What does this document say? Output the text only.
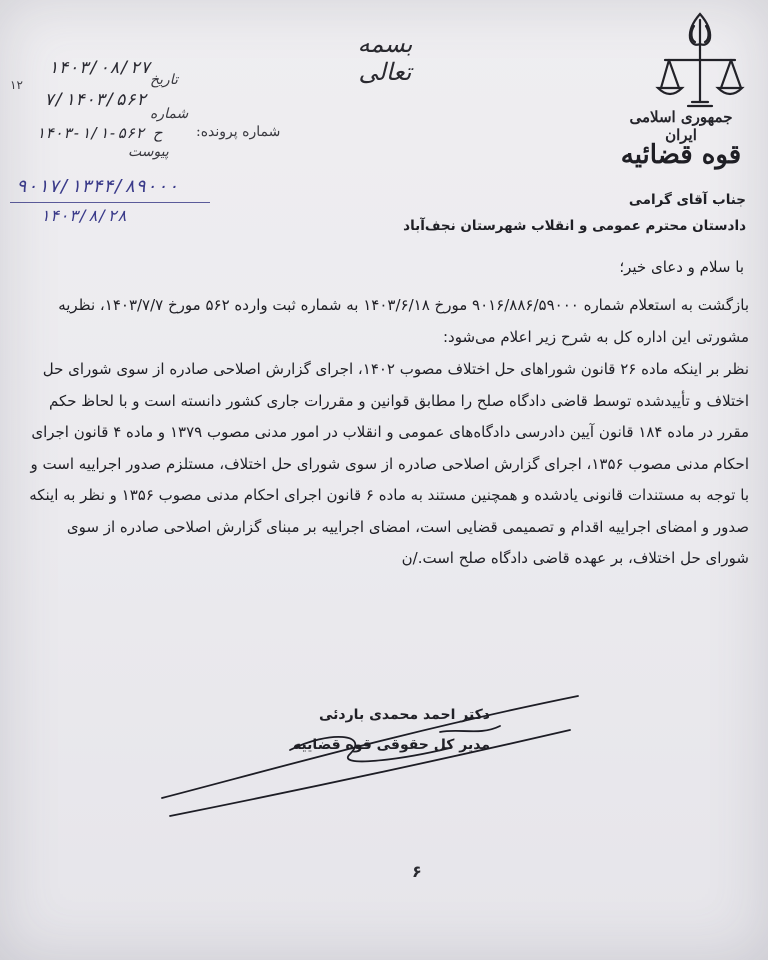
بسمه تعالی
جمهوری اسلامی ایران
قوه قضائیه
۱۴۰۳/۰۸/۲۷
تاریخ
۱۲
۷/۱۴۰۳/۵۶۲
شماره
۱۴۰۳-۱/۱-۵۶۲ ح شماره پرونده:
پیوست
۹۰۱۷/۱۳۴۴/۸۹۰۰۰
۱۴۰۳/۸/۲۸
جناب آقای گرامی
دادستان محترم عمومی و انقلاب شهرستان نجف‌آباد
با سلام و دعای خیر؛
بازگشت به استعلام شماره ۹۰۱۶/۸۸۶/۵۹۰۰۰ مورخ ۱۴۰۳/۶/۱۸ به شماره ثبت وارده ۵۶۲ مورخ ۱۴۰۳/۷/۷، نظریه مشورتی این اداره کل به شرح زیر اعلام می‌شود:
نظر بر اینکه ماده ۲۶ قانون شوراهای حل اختلاف مصوب ۱۴۰۲، اجرای گزارش اصلاحی صادره از سوی شورای حل اختلاف و تأییدشده توسط قاضی دادگاه صلح را مطابق قوانین و مقررات جاری کشور دانسته است و با لحاظ حکم مقرر در ماده ۱۸۴ قانون آیین دادرسی دادگاه‌های عمومی و انقلاب در امور مدنی مصوب ۱۳۷۹ و ماده ۴ قانون اجرای احکام مدنی مصوب ۱۳۵۶، اجرای گزارش اصلاحی صادره از سوی شورای حل اختلاف، مستلزم صدور اجراییه است و با توجه به مستندات قانونی یادشده و همچنین مستند به ماده ۶ قانون اجرای احکام مدنی مصوب ۱۳۵۶ و نظر به اینکه صدور و امضای اجراییه اقدام و تصمیمی قضایی است، امضای اجراییه بر مبنای گزارش اصلاحی صادره از سوی شورای حل اختلاف، بر عهده قاضی دادگاه صلح است./ن
دکتر احمد محمدی باردئی
مدیر کل حقوقی قوه قضاییه
۶
